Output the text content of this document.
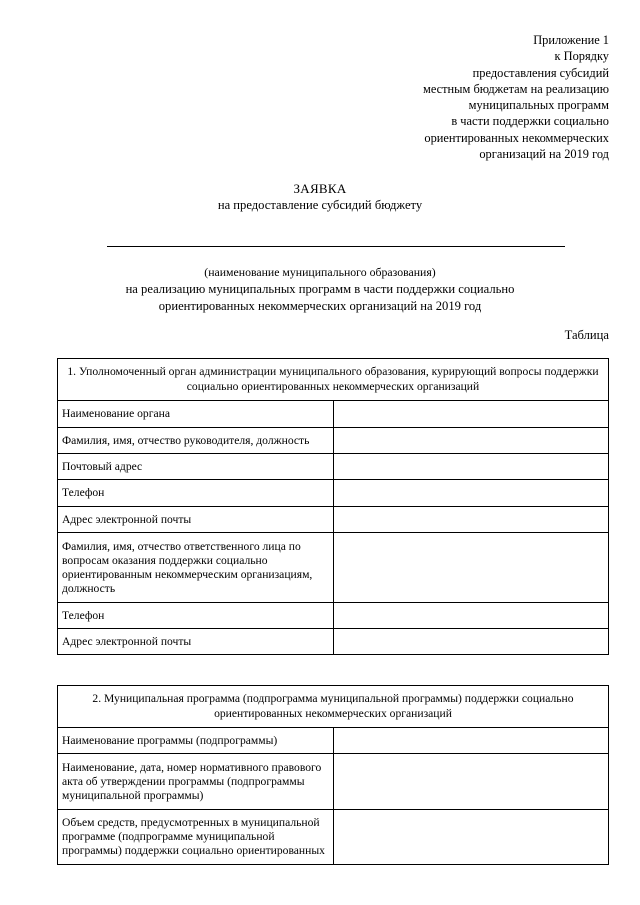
Приложение 1
к Порядку
предоставления субсидий
местным бюджетам на реализацию
муниципальных программ
в части поддержки социально
ориентированных некоммерческих
организаций на 2019 год
ЗАЯВКА
на предоставление субсидий бюджету
(наименование муниципального образования)
на реализацию муниципальных программ в части поддержки социально
ориентированных некоммерческих организаций на 2019 год
Таблица
1. Уполномоченный орган администрации муниципального образования, курирующий вопросы поддержки социально ориентированных некоммерческих организаций	
Наименование органа	
Фамилия, имя, отчество руководителя, должность	
Почтовый адрес	
Телефон	
Адрес электронной почты	
Фамилия, имя, отчество ответственного лица по вопросам оказания поддержки социально ориентированным некоммерческим организациям, должность	
Телефон	
Адрес электронной почты	
2. Муниципальная программа (подпрограмма муниципальной программы) поддержки социально ориентированных некоммерческих организаций	
Наименование программы (подпрограммы)	
Наименование, дата, номер нормативного правового акта об утверждении программы (подпрограммы муниципальной программы)	
Объем средств, предусмотренных в муниципальной программе (подпрограмме муниципальной программы) поддержки социально ориентированных	
